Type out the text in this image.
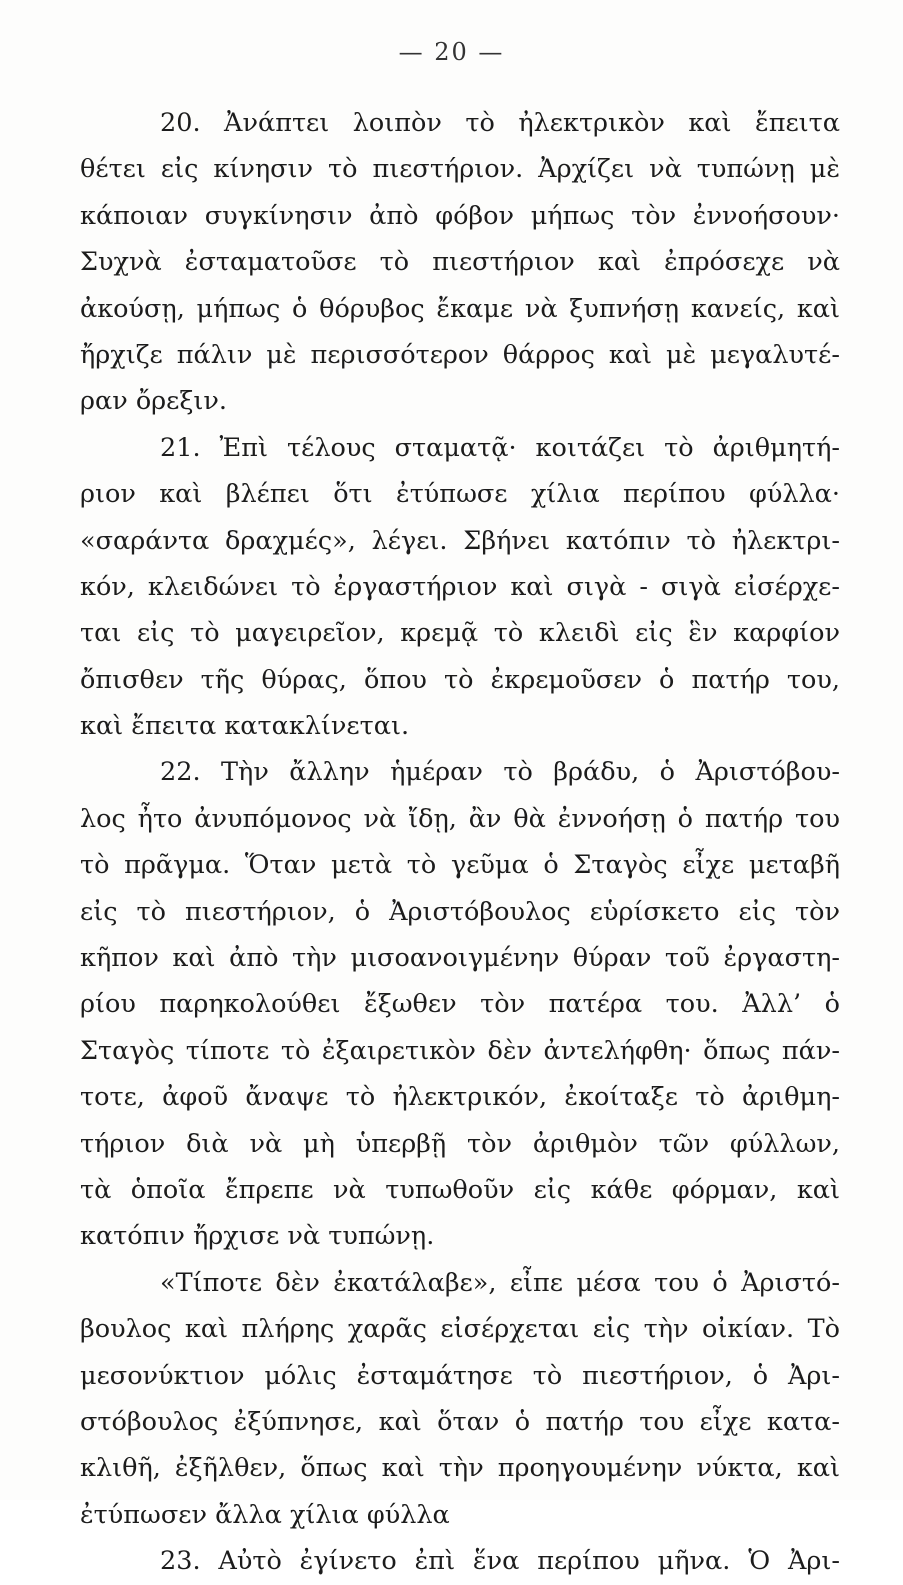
— 20 —
20. Ἀνάπτει λοιπὸν τὸ ἠλεκτρικὸν καὶ ἔπειτα
θέτει εἰς κίνησιν τὸ πιεστήριον. Ἀρχίζει νὰ τυπώνῃ μὲ
κάποιαν συγκίνησιν ἀπὸ φόβον μήπως τὸν ἐννοήσουν·
Συχνὰ ἐσταματοῦσε τὸ πιεστήριον καὶ ἐπρόσεχε νὰ
ἀκούσῃ, μήπως ὁ θόρυβος ἔκαμε νὰ ξυπνήσῃ κανείς, καὶ
ἤρχιζε πάλιν μὲ περισσότερον θάρρος καὶ μὲ μεγαλυτέ-
ραν ὄρεξιν.
21. Ἐπὶ τέλους σταματᾷ· κοιτάζει τὸ ἀριθμητή-
ριον καὶ βλέπει ὅτι ἐτύπωσε χίλια περίπου φύλλα·
«σαράντα δραχμές», λέγει. Σβήνει κατόπιν τὸ ἠλεκτρι-
κόν, κλειδώνει τὸ ἐργαστήριον καὶ σιγὰ - σιγὰ εἰσέρχε-
ται εἰς τὸ μαγειρεῖον, κρεμᾷ τὸ κλειδὶ εἰς ἓν καρφίον
ὄπισθεν τῆς θύρας, ὅπου τὸ ἐκρεμοῦσεν ὁ πατήρ του,
καὶ ἔπειτα κατακλίνεται.
22. Τὴν ἄλλην ἡμέραν τὸ βράδυ, ὁ Ἀριστόβου-
λος ἦτο ἀνυπόμονος νὰ ἴδῃ, ἂν θὰ ἐννοήσῃ ὁ πατήρ του
τὸ πρᾶγμα. Ὅταν μετὰ τὸ γεῦμα ὁ Σταγὸς εἶχε μεταβῆ
εἰς τὸ πιεστήριον, ὁ Ἀριστόβουλος εὑρίσκετο εἰς τὸν
κῆπον καὶ ἀπὸ τὴν μισοανοιγμένην θύραν τοῦ ἐργαστη-
ρίου παρηκολούθει ἔξωθεν τὸν πατέρα του. Ἀλλ’ ὁ
Σταγὸς τίποτε τὸ ἐξαιρετικὸν δὲν ἀντελήφθη· ὅπως πάν-
τοτε, ἀφοῦ ἄναψε τὸ ἠλεκτρικόν, ἐκοίταξε τὸ ἀριθμη-
τήριον διὰ νὰ μὴ ὑπερβῇ τὸν ἀριθμὸν τῶν φύλλων,
τὰ ὁποῖα ἔπρεπε νὰ τυπωθοῦν εἰς κάθε φόρμαν, καὶ
κατόπιν ἤρχισε νὰ τυπώνῃ.
«Τίποτε δὲν ἐκατάλαβε», εἶπε μέσα του ὁ Ἀριστό-
βουλος καὶ πλήρης χαρᾶς εἰσέρχεται εἰς τὴν οἰκίαν. Τὸ
μεσονύκτιον μόλις ἐσταμάτησε τὸ πιεστήριον, ὁ Ἀρι-
στόβουλος ἐξύπνησε, καὶ ὅταν ὁ πατήρ του εἶχε κατα-
κλιθῆ, ἐξῆλθεν, ὅπως καὶ τὴν προηγουμένην νύκτα, καὶ
ἐτύπωσεν ἄλλα χίλια φύλλα
23. Αὐτὸ ἐγίνετο ἐπὶ ἕνα περίπου μῆνα. Ὁ Ἀρι-
